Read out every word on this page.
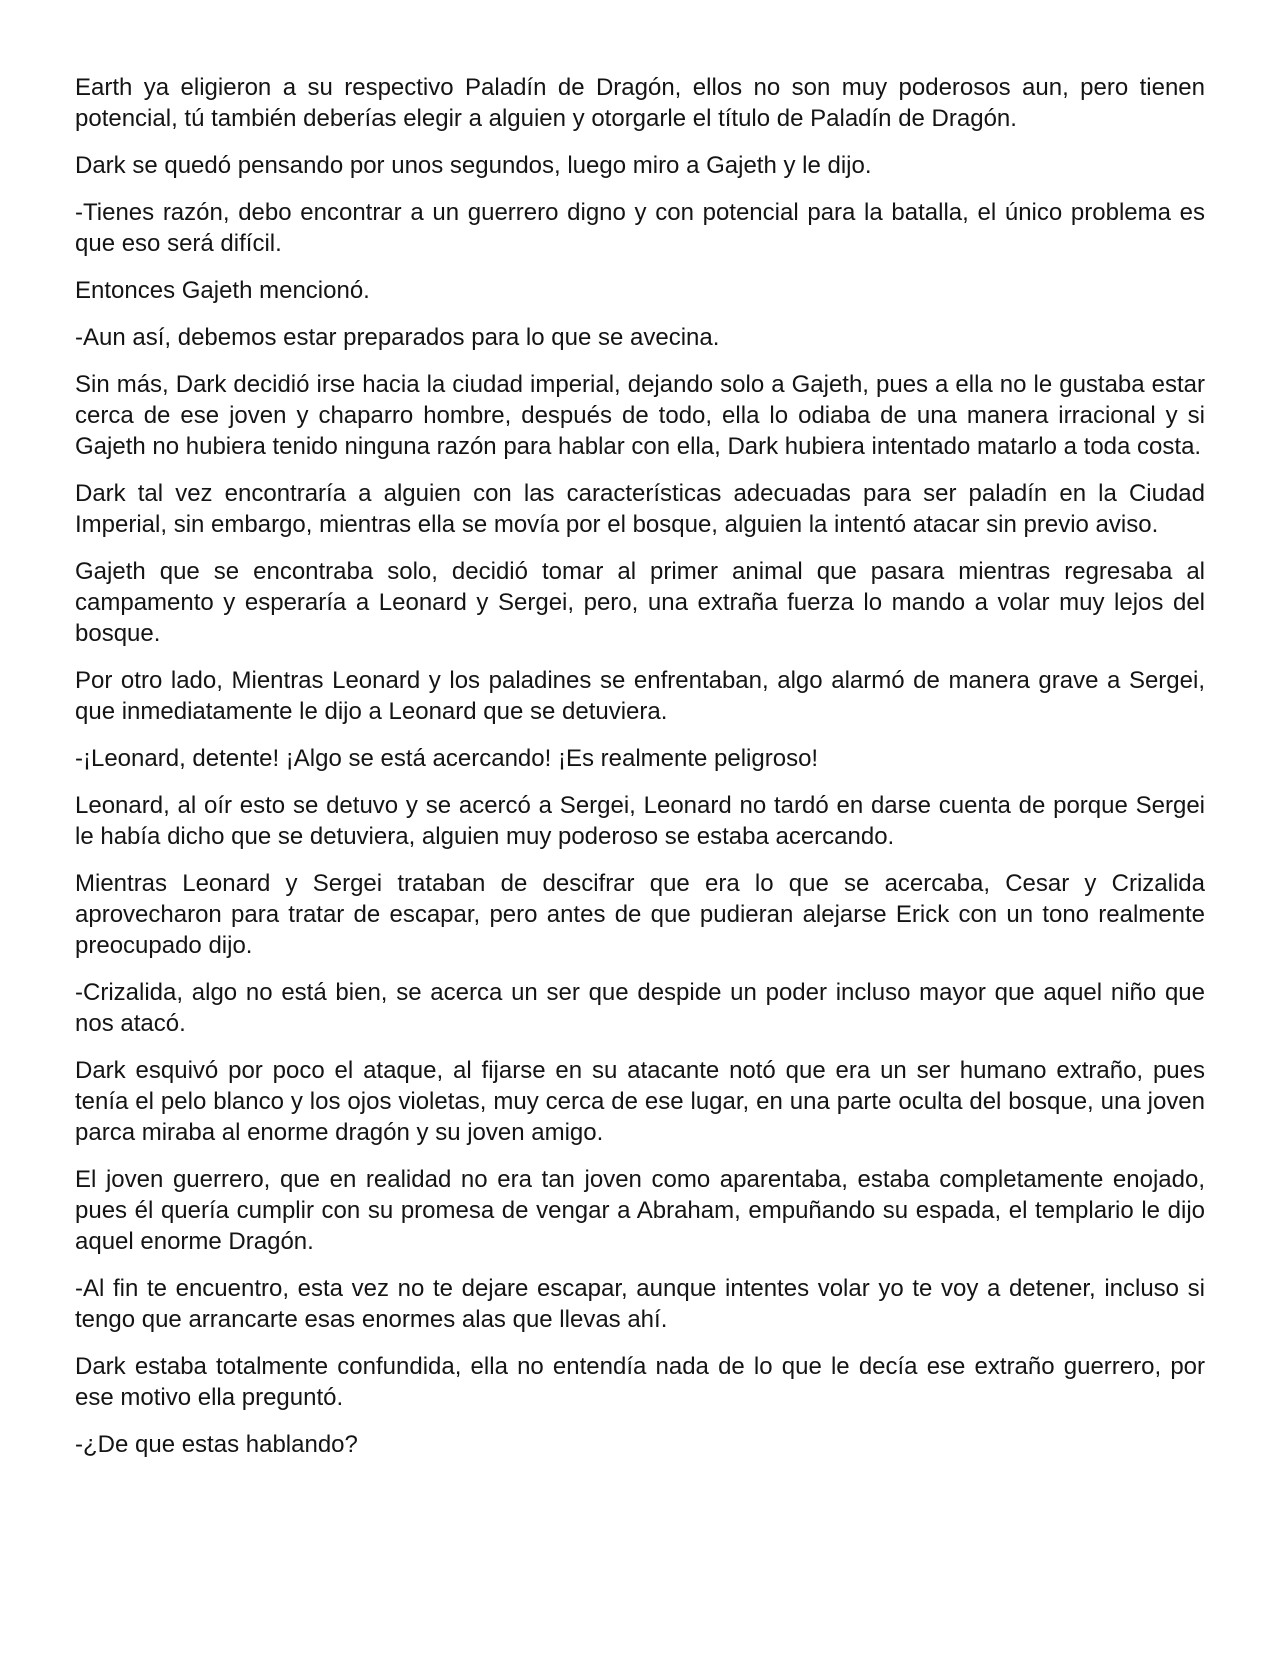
Earth ya eligieron a su respectivo Paladín de Dragón, ellos no son muy poderosos aun, pero tienen potencial, tú también deberías elegir a alguien y otorgarle el título de Paladín de Dragón.

Dark se quedó pensando por unos segundos, luego miro a Gajeth y le dijo.

-Tienes razón, debo encontrar a un guerrero digno y con potencial para la batalla, el único problema es que eso será difícil.

Entonces Gajeth mencionó.

-Aun así, debemos estar preparados para lo que se avecina.

Sin más, Dark decidió irse hacia la ciudad imperial, dejando solo a Gajeth, pues a ella no le gustaba estar cerca de ese joven y chaparro hombre, después de todo, ella lo odiaba de una manera irracional y si Gajeth no hubiera tenido ninguna razón para hablar con ella, Dark hubiera intentado matarlo a toda costa.

Dark tal vez encontraría a alguien con las características adecuadas para ser paladín en la Ciudad Imperial, sin embargo, mientras ella se movía por el bosque, alguien la intentó atacar sin previo aviso.

Gajeth que se encontraba solo, decidió tomar al primer animal que pasara mientras regresaba al campamento y esperaría a Leonard y Sergei, pero, una extraña fuerza lo mando a volar muy lejos del bosque.

Por otro lado, Mientras Leonard y los paladines se enfrentaban, algo alarmó de manera grave a Sergei, que inmediatamente le dijo a Leonard que se detuviera.

-¡Leonard, detente! ¡Algo se está acercando! ¡Es realmente peligroso!

Leonard, al oír esto se detuvo y se acercó a Sergei, Leonard no tardó en darse cuenta de porque Sergei le había dicho que se detuviera, alguien muy poderoso se estaba acercando.

Mientras Leonard y Sergei trataban de descifrar que era lo que se acercaba, Cesar y Crizalida aprovecharon para tratar de escapar, pero antes de que pudieran alejarse Erick con un tono realmente preocupado dijo.

-Crizalida, algo no está bien, se acerca un ser que despide un poder incluso mayor que aquel niño que nos atacó.

Dark esquivó por poco el ataque, al fijarse en su atacante notó que era un ser humano extraño, pues tenía el pelo blanco y los ojos violetas, muy cerca de ese lugar, en una parte oculta del bosque, una joven parca miraba al enorme dragón y su joven amigo.

El joven guerrero, que en realidad no era tan joven como aparentaba, estaba completamente enojado, pues él quería cumplir con su promesa de vengar a Abraham, empuñando su espada, el templario le dijo aquel enorme Dragón.

-Al fin te encuentro, esta vez no te dejare escapar, aunque intentes volar yo te voy a detener, incluso si tengo que arrancarte esas enormes alas que llevas ahí.

Dark estaba totalmente confundida, ella no entendía nada de lo que le decía ese extraño guerrero, por ese motivo ella preguntó.

-¿De que estas hablando?
